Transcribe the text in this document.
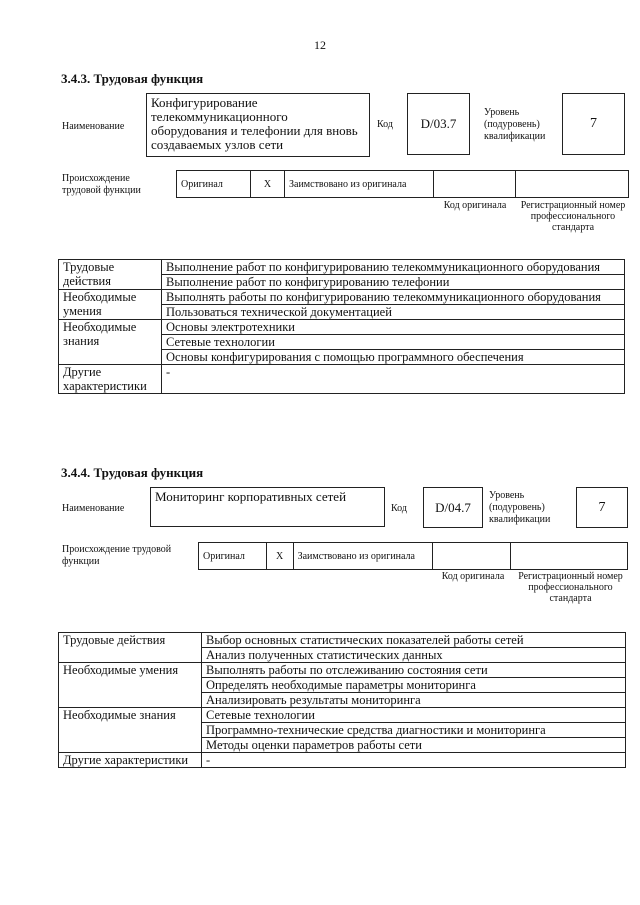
12
3.4.3. Трудовая функция
Наименование
Конфигурирование телекоммуникационного оборудования и телефонии для вновь создаваемых узлов сети
Код	D/03.7
Уровень (подуровень) квалификации
7
Происхождение трудовой функции
Оригинал	X	Заимствовано из оригинала
Код оригинала	Регистрационный номер профессионального стандарта
Трудовые действия	Выполнение работ по конфигурированию телекоммуникационного оборудования
	Выполнение работ по конфигурированию телефонии
Необходимые умения	Выполнять работы по конфигурированию телекоммуникационного оборудования
	Пользоваться технической документацией
Необходимые знания	Основы электротехники
	Сетевые технологии
	Основы конфигурирования с помощью программного обеспечения
Другие характеристики	-
3.4.4. Трудовая функция
Наименование
Мониторинг корпоративных сетей
Код	D/04.7
Уровень (подуровень) квалификации
7
Происхождение трудовой функции	Оригинал	X	Заимствовано из оригинала
Код оригинала	Регистрационный номер профессионального стандарта
Трудовые действия	Выбор основных статистических показателей работы сетей
	Анализ полученных статистических данных
Необходимые умения	Выполнять работы по отслеживанию состояния сети
	Определять необходимые параметры мониторинга
	Анализировать результаты мониторинга
Необходимые знания	Сетевые технологии
	Программно-технические средства диагностики и мониторинга
	Методы оценки параметров работы сети
Другие характеристики	-
